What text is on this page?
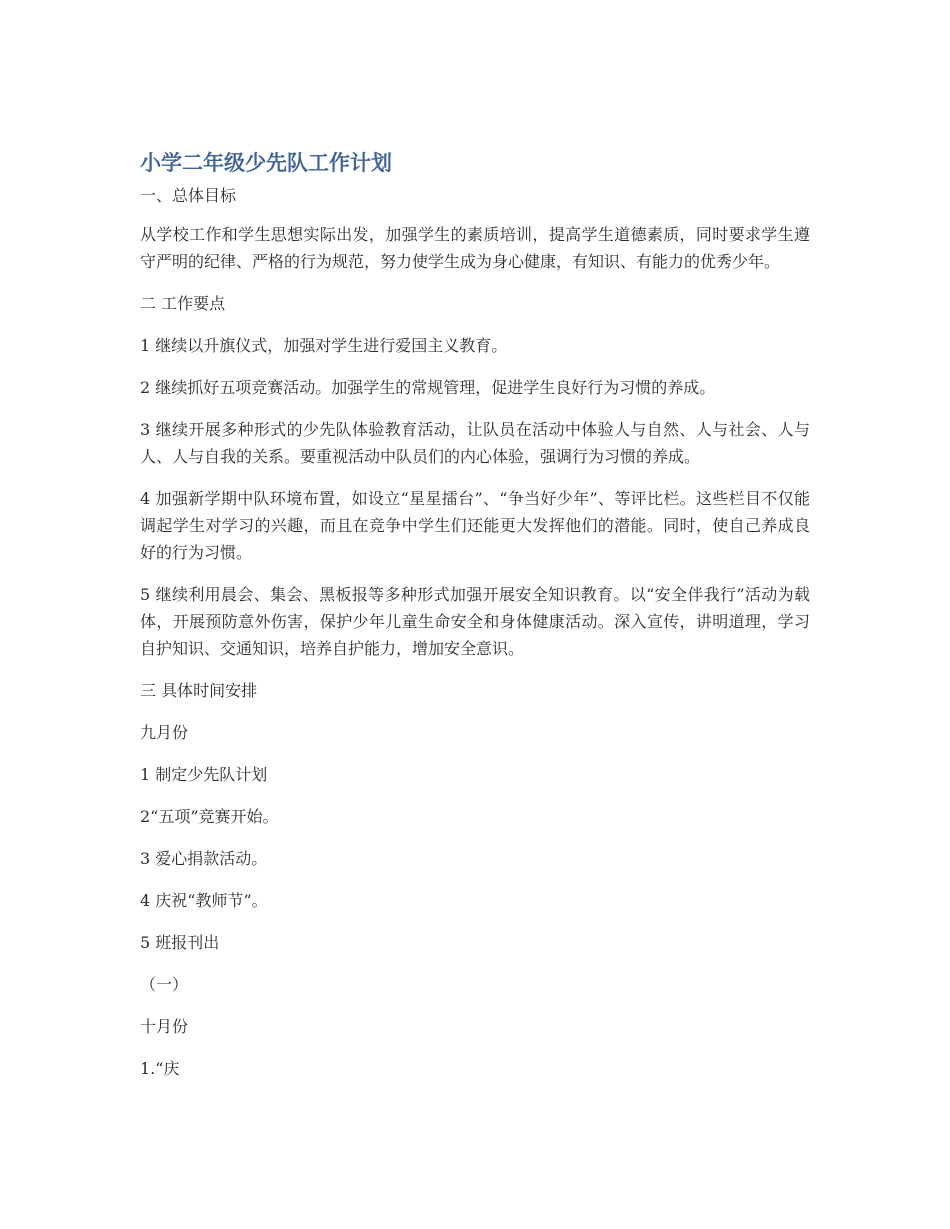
小学二年级少先队工作计划

一、总体目标

从学校工作和学生思想实际出发，加强学生的素质培训，提高学生道德素质，同时要求学生遵守严明的纪律、严格的行为规范，努力使学生成为身心健康，有知识、有能力的优秀少年。

二 工作要点

1 继续以升旗仪式，加强对学生进行爱国主义教育。

2 继续抓好五项竞赛活动。加强学生的常规管理，促进学生良好行为习惯的养成。

3 继续开展多种形式的少先队体验教育活动，让队员在活动中体验人与自然、人与社会、人与人、人与自我的关系。要重视活动中队员们的内心体验，强调行为习惯的养成。

4 加强新学期中队环境布置，如设立“星星擂台”、“争当好少年”、等评比栏。这些栏目不仅能调起学生对学习的兴趣，而且在竞争中学生们还能更大发挥他们的潜能。同时，使自己养成良好的行为习惯。

5 继续利用晨会、集会、黑板报等多种形式加强开展安全知识教育。以“安全伴我行”活动为载体，开展预防意外伤害，保护少年儿童生命安全和身体健康活动。深入宣传，讲明道理，学习自护知识、交通知识，培养自护能力，增加安全意识。

三 具体时间安排

九月份

1 制定少先队计划

2“五项”竞赛开始。

3 爱心捐款活动。

4 庆祝“教师节”。

5 班报刊出

（一）

十月份

1.“庆
